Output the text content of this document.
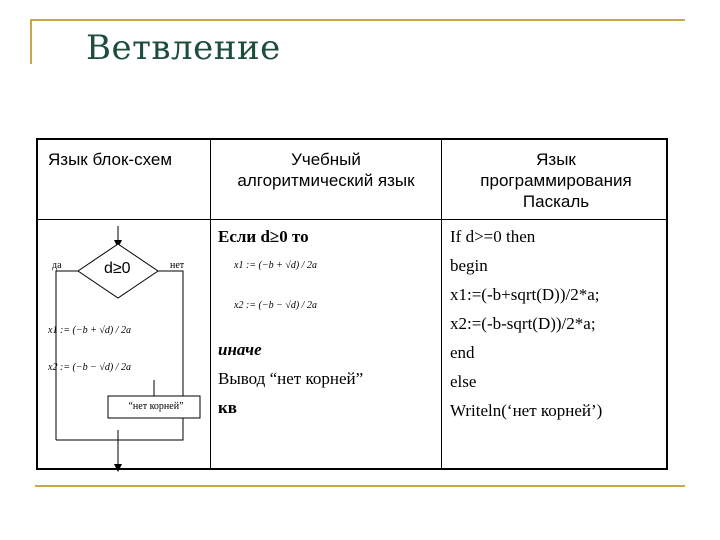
Ветвление
Язык блок-схем	Учебный
алгоритмический язык
Язык
программирования
Паскаль
d≥0
да	нет
x1 := (−b + √d) / 2a
x2 := (−b − √d) / 2a
“нет корней”
Если d≥0 то
x1 := (−b + √d) / 2a
x2 := (−b − √d) / 2a
иначе
Вывод “нет корней”
кв
If d>=0 then
begin
x1:=(-b+sqrt(D))/2*a;
x2:=(-b-sqrt(D))/2*a;
end
else
Writeln(‘нет корней’)
